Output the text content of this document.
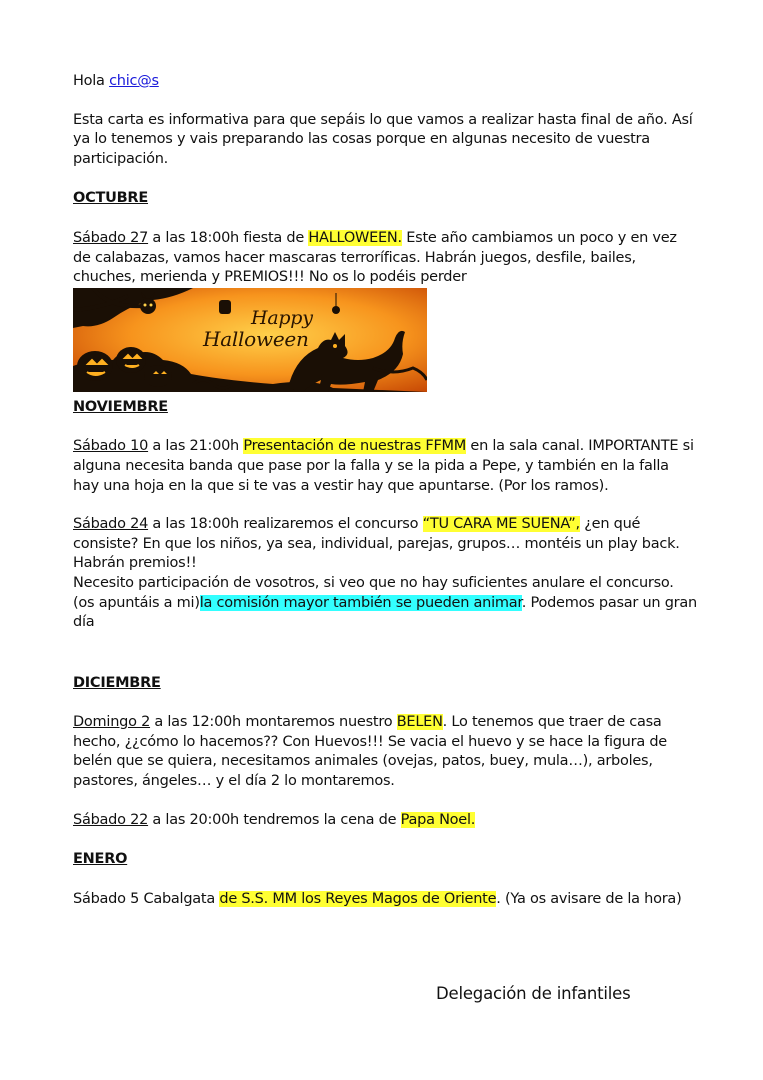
Hola chic@s

Esta carta es informativa para que sepáis lo que vamos a realizar hasta final de año. Así ya lo tenemos y vais preparando las cosas porque en algunas necesito de vuestra participación.

OCTUBRE

Sábado 27 a las 18:00h fiesta de HALLOWEEN. Este año cambiamos un poco y en vez de calabazas, vamos hacer mascaras terroríficas. Habrán juegos, desfile, bailes, chuches, merienda y PREMIOS!!! No os lo podéis perder

Happy
Halloween

NOVIEMBRE

Sábado 10 a las 21:00h Presentación de nuestras FFMM en la sala canal. IMPORTANTE si alguna necesita banda que pase por la falla y se la pida a Pepe, y también en la falla hay una hoja en la que si te vas a vestir hay que apuntarse. (Por los ramos).

Sábado 24 a las 18:00h realizaremos el concurso “TU CARA ME SUENA”, ¿en qué consiste? En que los niños, ya sea, individual, parejas, grupos… montéis un play back. Habrán premios!!

Necesito participación de vosotros, si veo que no hay suficientes anulare el concurso. (os apuntáis a mi)la comisión mayor también se pueden animar. Podemos pasar un gran día

DICIEMBRE

Domingo 2 a las 12:00h montaremos nuestro BELEN. Lo tenemos que traer de casa hecho, ¿¿cómo lo hacemos?? Con Huevos!!! Se vacia el huevo y se hace la figura de belén que se quiera, necesitamos animales (ovejas, patos, buey, mula…), arboles, pastores, ángeles… y el día 2 lo montaremos.

Sábado 22 a las 20:00h tendremos la cena de Papa Noel.

ENERO

Sábado 5 Cabalgata de S.S. MM los Reyes Magos de Oriente. (Ya os avisare de la hora)

Delegación de infantiles
